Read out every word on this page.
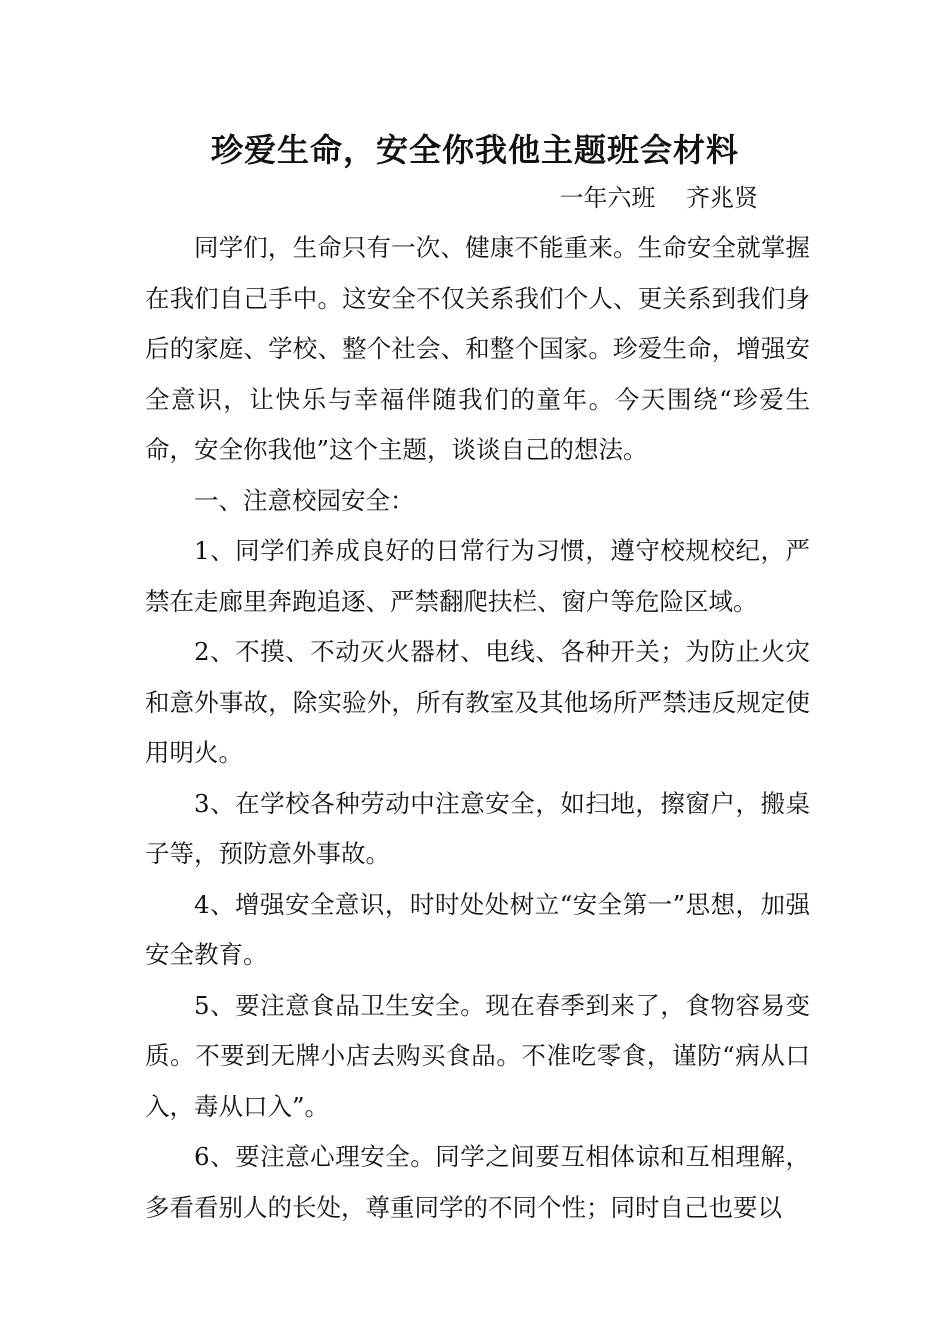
珍爱生命，安全你我他主题班会材料
一年六班    齐兆贤

同学们，生命只有一次、健康不能重来。生命安全就掌握在我们自己手中。这安全不仅关系我们个人、更关系到我们身后的家庭、学校、整个社会、和整个国家。珍爱生命，增强安全意识，让快乐与幸福伴随我们的童年。今天围绕“珍爱生命，安全你我他”这个主题，谈谈自己的想法。

一、注意校园安全：

1、同学们养成良好的日常行为习惯，遵守校规校纪，严禁在走廊里奔跑追逐、严禁翻爬扶栏、窗户等危险区域。

2、不摸、不动灭火器材、电线、各种开关；为防止火灾和意外事故，除实验外，所有教室及其他场所严禁违反规定使用明火。

3、在学校各种劳动中注意安全，如扫地，擦窗户，搬桌子等，预防意外事故。

4、增强安全意识，时时处处树立“安全第一”思想，加强安全教育。

5、要注意食品卫生安全。现在春季到来了，食物容易变质。不要到无牌小店去购买食品。不准吃零食，谨防“病从口入，毒从口入”。

6、要注意心理安全。同学之间要互相体谅和互相理解，多看看别人的长处，尊重同学的不同个性；同时自己也要以
